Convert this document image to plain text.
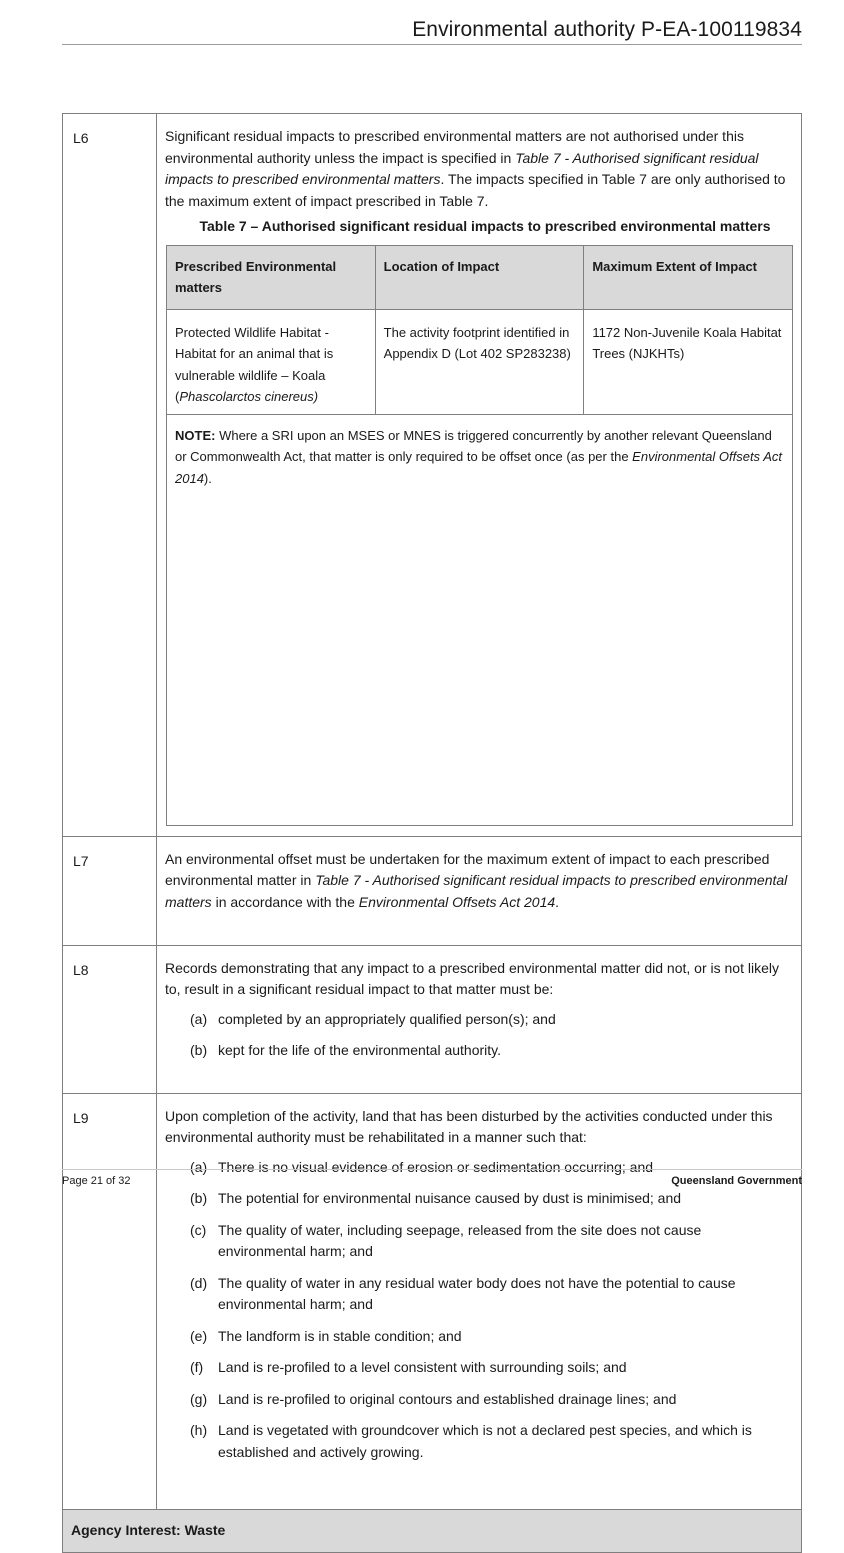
Environmental authority P-EA-100119834
L6	Significant residual impacts to prescribed environmental matters are not authorised under this environmental authority unless the impact is specified in Table 7 - Authorised significant residual impacts to prescribed environmental matters. The impacts specified in Table 7 are only authorised to the maximum extent of impact prescribed in Table 7.

Table 7 – Authorised significant residual impacts to prescribed environmental matters

Prescribed Environmental matters	Location of Impact	Maximum Extent of Impact
Protected Wildlife Habitat - Habitat for an animal that is vulnerable wildlife – Koala (Phascolarctos cinereus)	The activity footprint identified in Appendix D (Lot 402 SP283238)	1172 Non-Juvenile Koala Habitat Trees (NJKHTs)
NOTE: Where a SRI upon an MSES or MNES is triggered concurrently by another relevant Queensland or Commonwealth Act, that matter is only required to be offset once (as per the Environmental Offsets Act 2014).

L7	An environmental offset must be undertaken for the maximum extent of impact to each prescribed environmental matter in Table 7 - Authorised significant residual impacts to prescribed environmental matters in accordance with the Environmental Offsets Act 2014.

L8	Records demonstrating that any impact to a prescribed environmental matter did not, or is not likely to, result in a significant residual impact to that matter must be:

(a) completed by an appropriately qualified person(s); and
(b) kept for the life of the environmental authority.

L9	Upon completion of the activity, land that has been disturbed by the activities conducted under this environmental authority must be rehabilitated in a manner such that:

(a) There is no visual evidence of erosion or sedimentation occurring; and
(b) The potential for environmental nuisance caused by dust is minimised; and
(c) The quality of water, including seepage, released from the site does not cause environmental harm; and
(d) The quality of water in any residual water body does not have the potential to cause environmental harm; and
(e) The landform is in stable condition; and
(f) Land is re-profiled to a level consistent with surrounding soils; and
(g) Land is re-profiled to original contours and established drainage lines; and
(h) Land is vegetated with groundcover which is not a declared pest species, and which is established and actively growing.

Agency Interest: Waste
Page 21 of 32	Queensland Government
